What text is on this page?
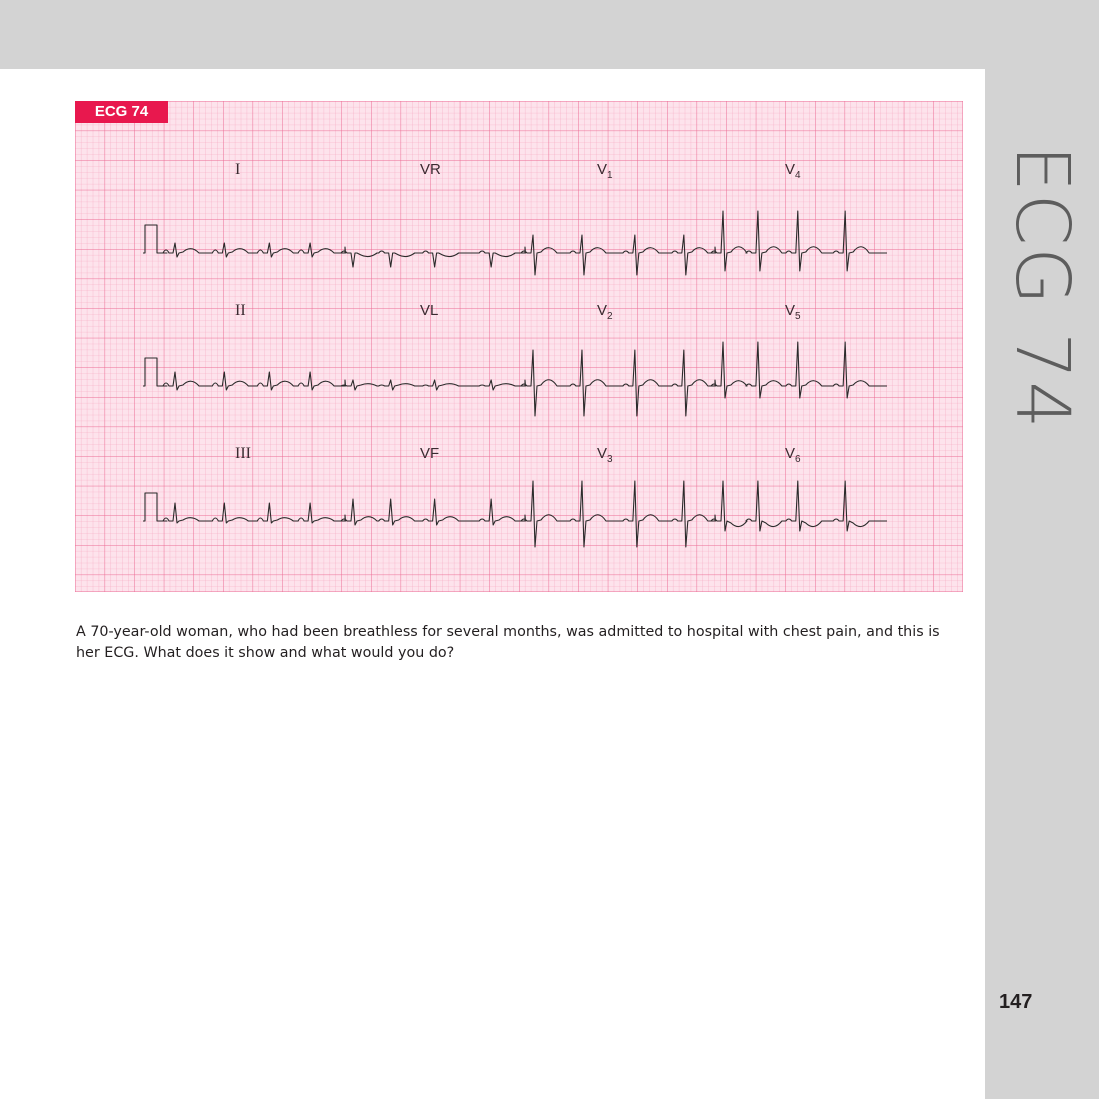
ECG 74
ECG 74
I	VR	$V_1$	$V_4$
II	VL	$V_2$	$V_5$
III	VF	$V_3$	$V_6$
A 70-year-old woman, who had been breathless for several months, was admitted to hospital with chest pain, and this is her ECG. What does it show and what would you do?
147
